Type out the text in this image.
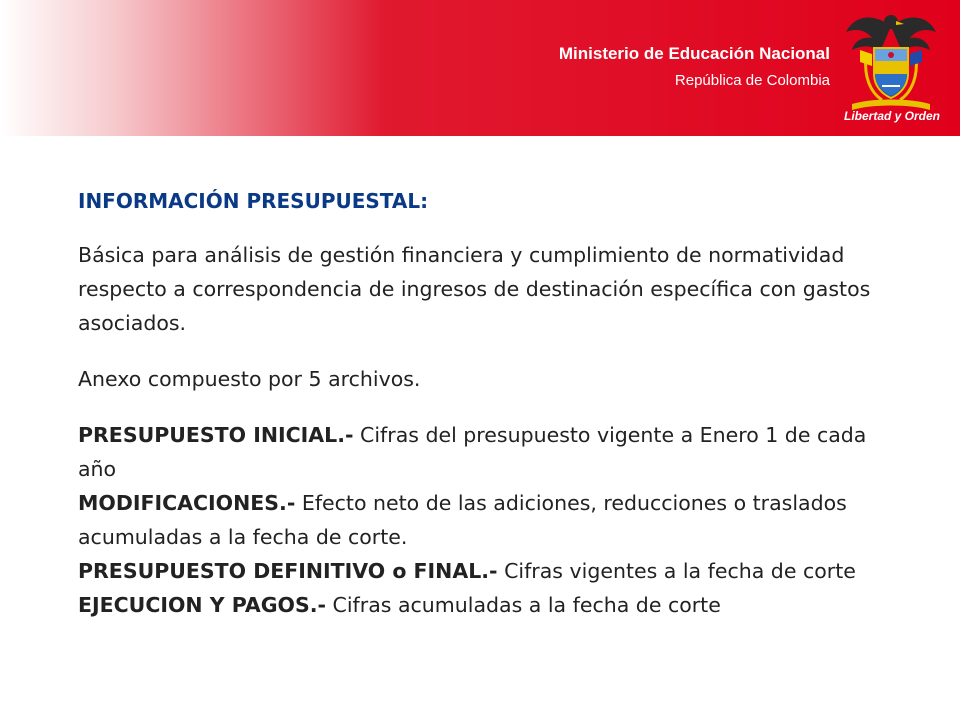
Ministerio de Educación Nacional
República de Colombia
Libertad y Orden
INFORMACIÓN PRESUPUESTAL:

Básica para análisis de gestión financiera y cumplimiento de normatividad respecto a correspondencia de ingresos de destinación específica con gastos asociados.

Anexo compuesto por 5 archivos.

PRESUPUESTO INICIAL.- Cifras del presupuesto vigente a Enero 1 de cada año

MODIFICACIONES.- Efecto neto de las adiciones, reducciones o traslados acumuladas a la fecha de corte.

PRESUPUESTO DEFINITIVO o FINAL.- Cifras vigentes a la fecha de corte

EJECUCION Y PAGOS.- Cifras acumuladas a la fecha de corte
